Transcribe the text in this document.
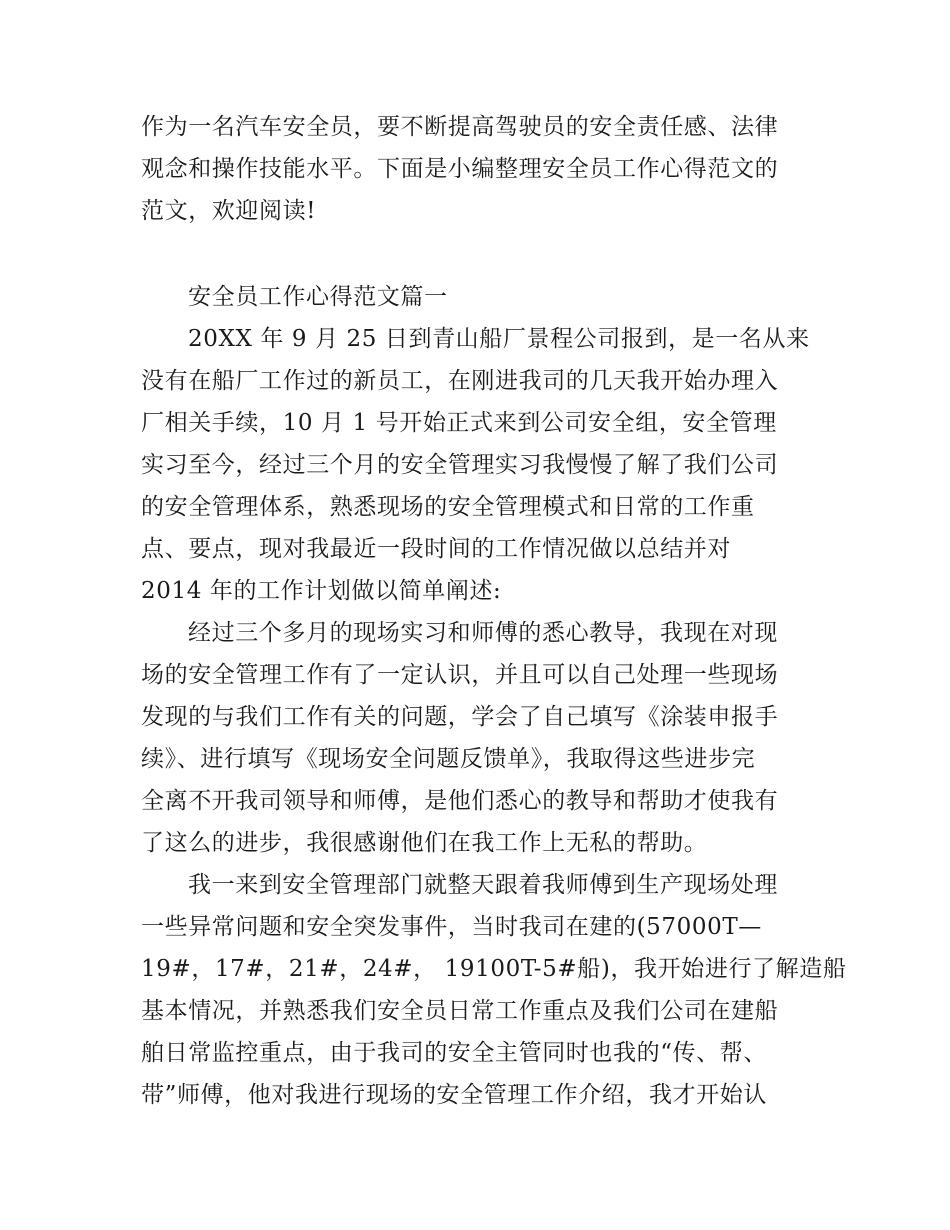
作为一名汽车安全员，要不断提高驾驶员的安全责任感、法律
观念和操作技能水平。下面是小编整理安全员工作心得范文的
范文，欢迎阅读!
安全员工作心得范文篇一
20XX 年 9 月 25 日到青山船厂景程公司报到，是一名从来
没有在船厂工作过的新员工，在刚进我司的几天我开始办理入
厂相关手续，10 月 1 号开始正式来到公司安全组，安全管理
实习至今，经过三个月的安全管理实习我慢慢了解了我们公司
的安全管理体系，熟悉现场的安全管理模式和日常的工作重
点、要点，现对我最近一段时间的工作情况做以总结并对
2014 年的工作计划做以简单阐述:
经过三个多月的现场实习和师傅的悉心教导，我现在对现
场的安全管理工作有了一定认识，并且可以自己处理一些现场
发现的与我们工作有关的问题，学会了自己填写《涂装申报手
续》、进行填写《现场安全问题反馈单》，我取得这些进步完
全离不开我司领导和师傅，是他们悉心的教导和帮助才使我有
了这么的进步，我很感谢他们在我工作上无私的帮助。
我一来到安全管理部门就整天跟着我师傅到生产现场处理
一些异常问题和安全突发事件，当时我司在建的(57000T—
19#，17#，21#，24#， 19100T-5#船)，我开始进行了解造船
基本情况，并熟悉我们安全员日常工作重点及我们公司在建船
舶日常监控重点，由于我司的安全主管同时也我的“传、帮、
带”师傅，他对我进行现场的安全管理工作介绍，我才开始认
